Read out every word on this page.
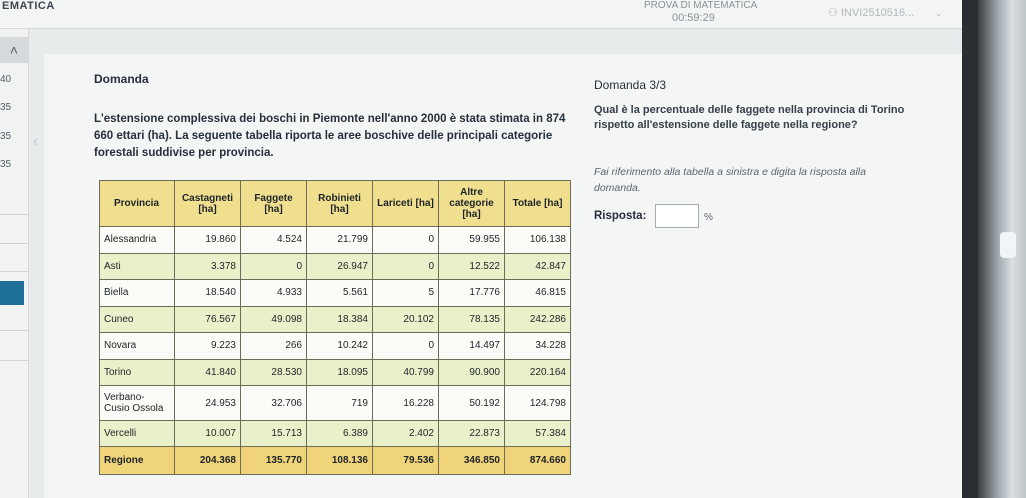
EMATICA	PROVA DI MATEMATICA
00:59:29	⚇ INVI2510516... ⌄
˄
40
35
35
35
‹
Domanda
L'estensione complessiva dei boschi in Piemonte nell'anno 2000 è stata stimata in 874 660 ettari (ha). La seguente tabella riporta le aree boschive delle principali categorie forestali suddivise per provincia.
Provincia	Castagneti [ha]	Faggete [ha]	Robinieti [ha]	Lariceti [ha]	Altre categorie [ha]	Totale [ha]
Alessandria	19.860	4.524	21.799	0	59.955	106.138
Asti	3.378	0	26.947	0	12.522	42.847
Biella	18.540	4.933	5.561	5	17.776	46.815
Cuneo	76.567	49.098	18.384	20.102	78.135	242.286
Novara	9.223	266	10.242	0	14.497	34.228
Torino	41.840	28.530	18.095	40.799	90.900	220.164
Verbano-Cusio Ossola	24.953	32.706	719	16.228	50.192	124.798
Vercelli	10.007	15.713	6.389	2.402	22.873	57.384
Regione	204.368	135.770	108.136	79.536	346.850	874.660
Domanda 3/3
Qual è la percentuale delle faggete nella provincia di Torino rispetto all'estensione delle faggete nella regione?
Fai riferimento alla tabella a sinistra e digita la risposta alla domanda.
Risposta:	%
